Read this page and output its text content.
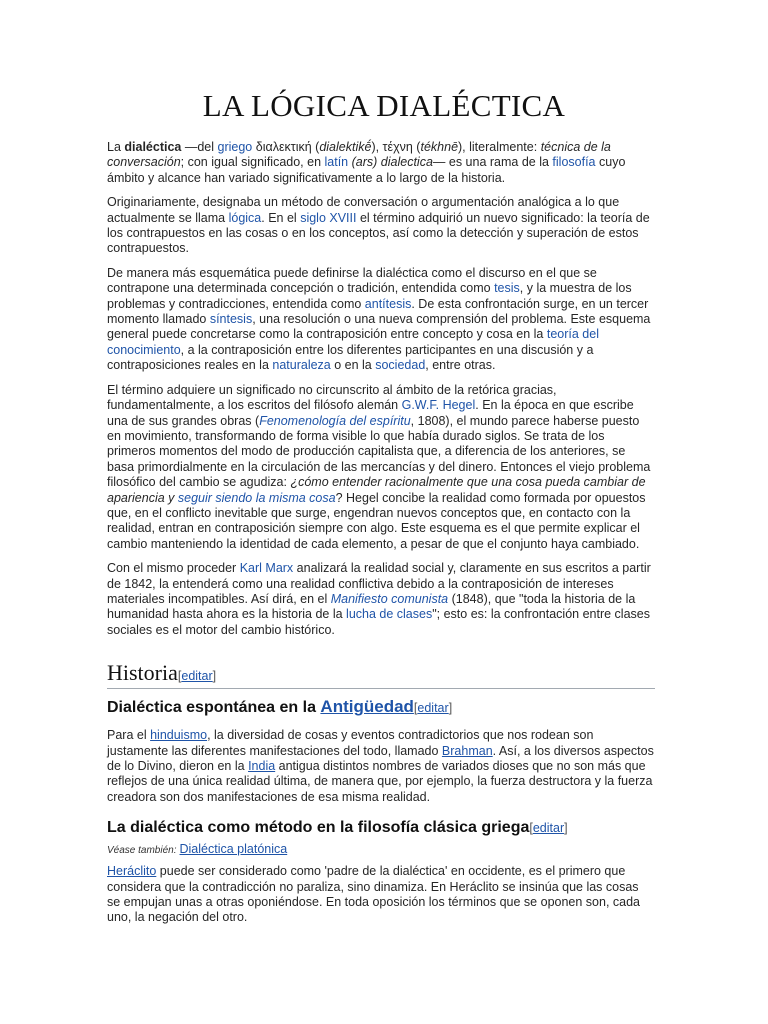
LA LÓGICA DIALÉCTICA

La dialéctica —del griego διαλεκτική (dialektikḗ), τέχνη (tékhnē), literalmente: técnica de la conversación; con igual significado, en latín (ars) dialectica— es una rama de la filosofía cuyo ámbito y alcance han variado significativamente a lo largo de la historia.

Originariamente, designaba un método de conversación o argumentación analógica a lo que actualmente se llama lógica. En el siglo XVIII el término adquirió un nuevo significado: la teoría de los contrapuestos en las cosas o en los conceptos, así como la detección y superación de estos contrapuestos.

De manera más esquemática puede definirse la dialéctica como el discurso en el que se contrapone una determinada concepción o tradición, entendida como tesis, y la muestra de los problemas y contradicciones, entendida como antítesis. De esta confrontación surge, en un tercer momento llamado síntesis, una resolución o una nueva comprensión del problema. Este esquema general puede concretarse como la contraposición entre concepto y cosa en la teoría del conocimiento, a la contraposición entre los diferentes participantes en una discusión y a contraposiciones reales en la naturaleza o en la sociedad, entre otras.

El término adquiere un significado no circunscrito al ámbito de la retórica gracias, fundamentalmente, a los escritos del filósofo alemán G.W.F. Hegel. En la época en que escribe una de sus grandes obras (Fenomenología del espíritu, 1808), el mundo parece haberse puesto en movimiento, transformando de forma visible lo que había durado siglos. Se trata de los primeros momentos del modo de producción capitalista que, a diferencia de los anteriores, se basa primordialmente en la circulación de las mercancías y del dinero. Entonces el viejo problema filosófico del cambio se agudiza: ¿cómo entender racionalmente que una cosa pueda cambiar de apariencia y seguir siendo la misma cosa? Hegel concibe la realidad como formada por opuestos que, en el conflicto inevitable que surge, engendran nuevos conceptos que, en contacto con la realidad, entran en contraposición siempre con algo. Este esquema es el que permite explicar el cambio manteniendo la identidad de cada elemento, a pesar de que el conjunto haya cambiado.

Con el mismo proceder Karl Marx analizará la realidad social y, claramente en sus escritos a partir de 1842, la entenderá como una realidad conflictiva debido a la contraposición de intereses materiales incompatibles. Así dirá, en el Manifiesto comunista (1848), que "toda la historia de la humanidad hasta ahora es la historia de la lucha de clases"; esto es: la confrontación entre clases sociales es el motor del cambio histórico.

Historia[editar]
Dialéctica espontánea en la Antigüedad[editar]

Para el hinduismo, la diversidad de cosas y eventos contradictorios que nos rodean son justamente las diferentes manifestaciones del todo, llamado Brahman. Así, a los diversos aspectos de lo Divino, dieron en la India antigua distintos nombres de variados dioses que no son más que reflejos de una única realidad última, de manera que, por ejemplo, la fuerza destructora y la fuerza creadora son dos manifestaciones de esa misma realidad.

La dialéctica como método en la filosofía clásica griega[editar]
Véase también: Dialéctica platónica

Heráclito puede ser considerado como 'padre de la dialéctica' en occidente, es el primero que considera que la contradicción no paraliza, sino dinamiza. En Heráclito se insinúa que las cosas se empujan unas a otras oponiéndose. En toda oposición los términos que se oponen son, cada uno, la negación del otro.
